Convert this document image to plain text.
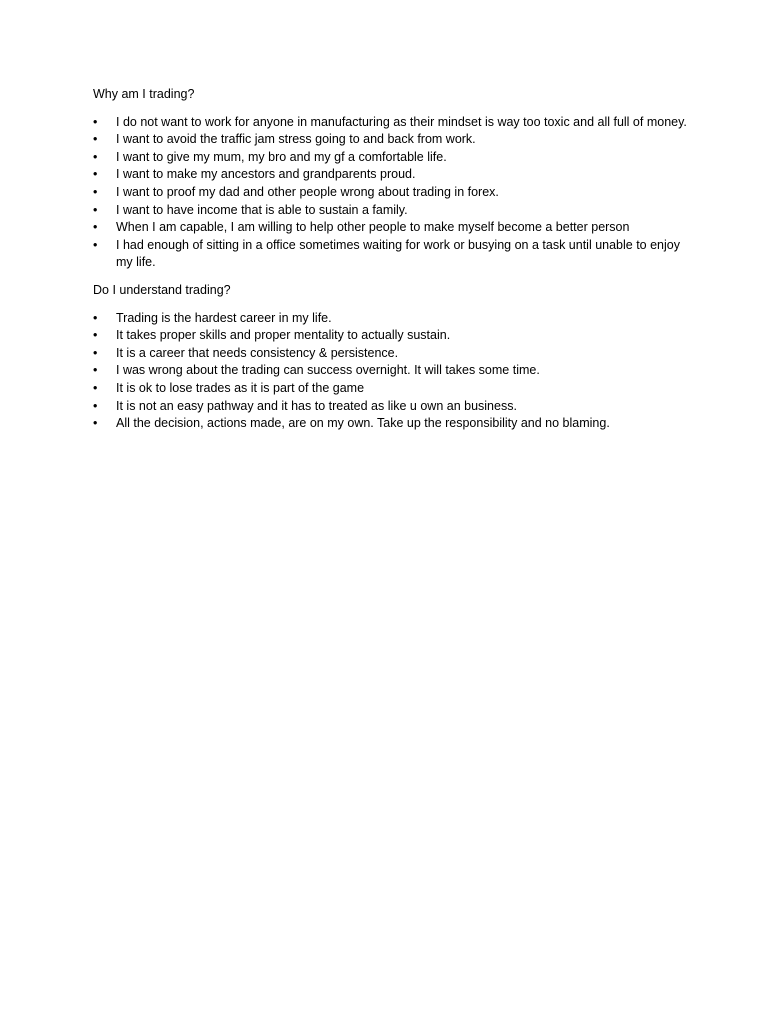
Why am I trading?

•	I do not want to work for anyone in manufacturing as their mindset is way too toxic and all full of money.
•	I want to avoid the traffic jam stress going to and back from work.
•	I want to give my mum, my bro and my gf a comfortable life.
•	I want to make my ancestors and grandparents proud.
•	I want to proof my dad and other people wrong about trading in forex.
•	I want to have income that is able to sustain a family.
•	When I am capable, I am willing to help other people to make myself become a better person
•	I had enough of sitting in a office sometimes waiting for work or busying on a task until unable to enjoy my life.

Do I understand trading?

•	Trading is the hardest career in my life.
•	It takes proper skills and proper mentality to actually sustain.
•	It is a career that needs consistency & persistence.
•	I was wrong about the trading can success overnight. It will takes some time.
•	It is ok to lose trades as it is part of the game
•	It is not an easy pathway and it has to treated as like u own an business.
•	All the decision, actions made, are on my own. Take up the responsibility and no blaming.
